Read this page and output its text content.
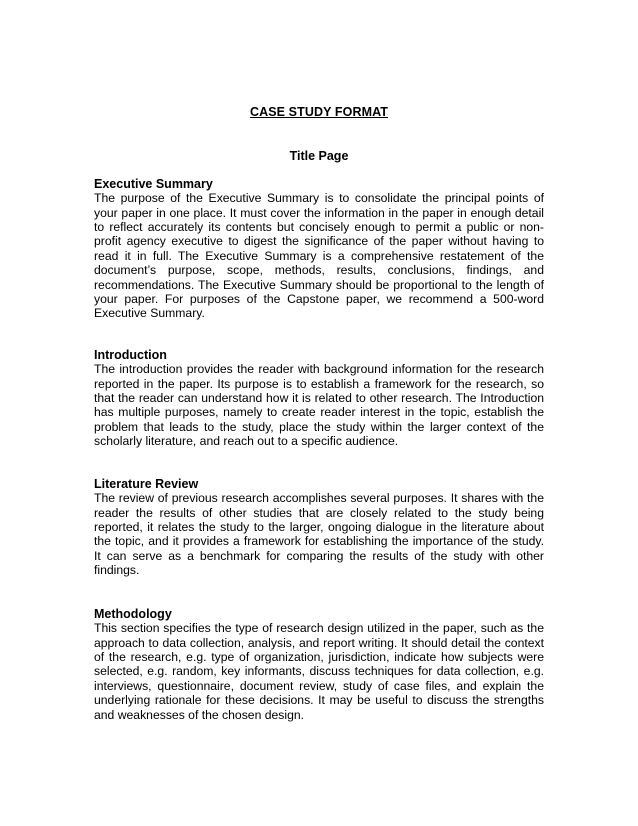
CASE STUDY FORMAT
Title Page

Executive Summary

The purpose of the Executive Summary is to consolidate the principal points of your paper in one place. It must cover the information in the paper in enough detail to reflect accurately its contents but concisely enough to permit a public or non-profit agency executive to digest the significance of the paper without having to read it in full. The Executive Summary is a comprehensive restatement of the document’s purpose, scope, methods, results, conclusions, findings, and recommendations. The Executive Summary should be proportional to the length of your paper. For purposes of the Capstone paper, we recommend a 500-word Executive Summary.

Introduction

The introduction provides the reader with background information for the research reported in the paper. Its purpose is to establish a framework for the research, so that the reader can understand how it is related to other research. The Introduction has multiple purposes, namely to create reader interest in the topic, establish the problem that leads to the study, place the study within the larger context of the scholarly literature, and reach out to a specific audience.

Literature Review

The review of previous research accomplishes several purposes. It shares with the reader the results of other studies that are closely related to the study being reported, it relates the study to the larger, ongoing dialogue in the literature about the topic, and it provides a framework for establishing the importance of the study. It can serve as a benchmark for comparing the results of the study with other findings.

Methodology

This section specifies the type of research design utilized in the paper, such as the approach to data collection, analysis, and report writing. It should detail the context of the research, e.g. type of organization, jurisdiction, indicate how subjects were selected, e.g. random, key informants, discuss techniques for data collection, e.g. interviews, questionnaire, document review, study of case files, and explain the underlying rationale for these decisions. It may be useful to discuss the strengths and weaknesses of the chosen design.
